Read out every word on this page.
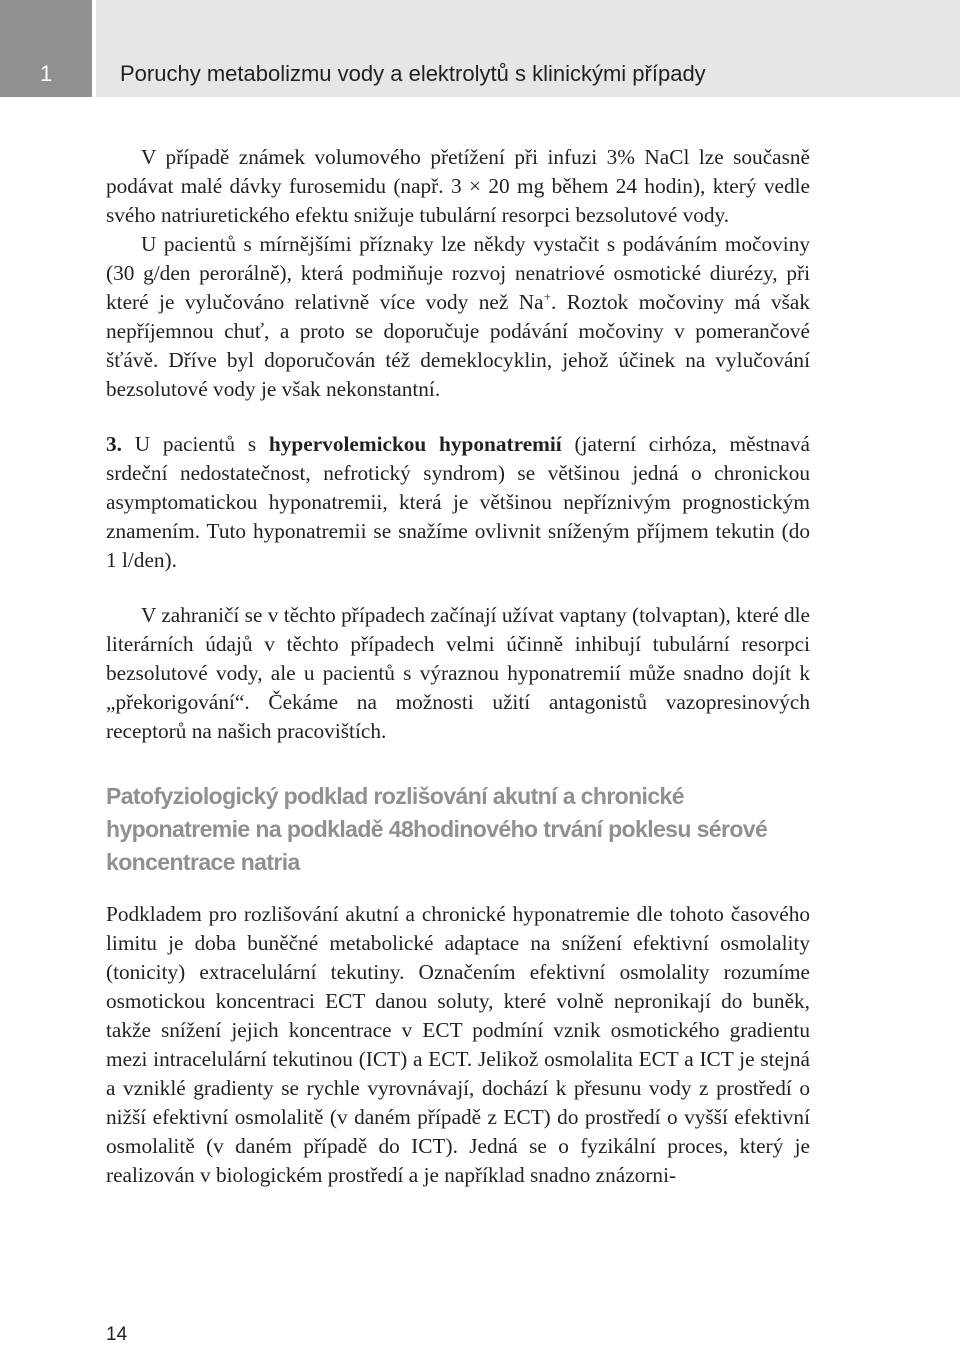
1	Poruchy metabolizmu vody a elektrolytů s klinickými případy

V případě známek volumového přetížení při infuzi 3% NaCl lze současně podávat malé dávky furosemidu (např. 3 × 20 mg během 24 hodin), který vedle svého natriuretického efektu snižuje tubulární resorpci bezsolutové vody.

U pacientů s mírnějšími příznaky lze někdy vystačit s podáváním močoviny (30 g/den perorálně), která podmiňuje rozvoj nenatriové osmotické diurézy, při které je vylučováno relativně více vody než Na+. Roztok močoviny má však nepříjemnou chuť, a proto se doporučuje podávání močoviny v pomerančové šťávě. Dříve byl doporučován též demeklocyklin, jehož účinek na vylučování bezsolutové vody je však nekonstantní.

3. U pacientů s hypervolemickou hyponatremií (jaterní cirhóza, městnavá srdeční nedostatečnost, nefrotický syndrom) se většinou jedná o chronickou asymptomatickou hyponatremii, která je většinou nepříznivým prognostickým znamením. Tuto hyponatremii se snažíme ovlivnit sníženým příjmem tekutin (do 1 l/den).

V zahraničí se v těchto případech začínají užívat vaptany (tolvaptan), které dle literárních údajů v těchto případech velmi účinně inhibují tubulární resorpci bezsolutové vody, ale u pacientů s výraznou hyponatremií může snadno dojít k „překorigování“. Čekáme na možnosti užití antagonistů vazopresinových receptorů na našich pracovištích.

Patofyziologický podklad rozlišování akutní a chronické hyponatremie na podkladě 48hodinového trvání poklesu sérové koncentrace natria

Podkladem pro rozlišování akutní a chronické hyponatremie dle tohoto časového limitu je doba buněčné metabolické adaptace na snížení efektivní osmolality (tonicity) extracelulární tekutiny. Označením efektivní osmolality rozumíme osmotickou koncentraci ECT danou soluty, které volně nepronikají do buněk, takže snížení jejich koncentrace v ECT podmíní vznik osmotického gradientu mezi intracelulární tekutinou (ICT) a ECT. Jelikož osmolalita ECT a ICT je stejná a vzniklé gradienty se rychle vyrovnávají, dochází k přesunu vody z prostředí o nižší efektivní osmolalitě (v daném případě z ECT) do prostředí o vyšší efektivní osmolalitě (v daném případě do ICT). Jedná se o fyzikální proces, který je realizován v biologickém prostředí a je například snadno znázorni-

14
